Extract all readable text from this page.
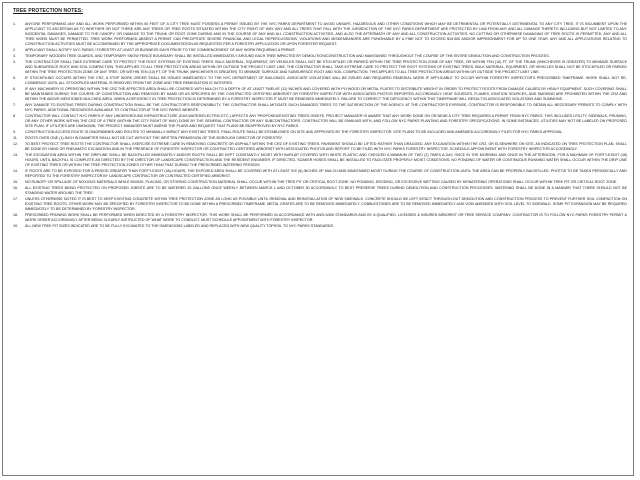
TREE PROTECTION NOTES:
1.	ANYONE PERFORMING ANY AND ALL WORK PERFORMED WITHIN 50 FEET OF A CITY TREE MUST POSSESS A PERMIT ISSUED BY THE NYC PARKS DEPARTMENT TO AVOID UNSAFE, HAZARDOUS AND OTHER CONDITIONS WHICH MAY BE DETRIMENTAL OR POTENTIALLY DETRIMENTAL TO ANY CITY TREE. IT IS INCUMBENT UPON THE APPLICANT TO ASCERTAIN AS TO WHETHER OR NOT THERE ARE ANY TREES OR TREE ROOTS SITUATED WITHIN THE CITY RIGHT OF WAY. ANY AND ALL TREES THAT FALL WITH THE JURISDICTION OF THE NYC PARKS DEPARTMENT ARE PROTECTED BY LAW FROM ANY AND ALL DAMAGE THERETO INCLUDING BUT NOT LIMITED TO ANY INCIDENTAL DAMAGES, DAMAGE TO THE CANOPY, OR DAMAGE TO THE TRUNK OR ROOT ZONE DURING AND IN THE COURSE OF ANY AND ALL CONSTRUCTION ACTIVITIES, AND ALSO THE AFTERMATH OF ANY AND ALL CONSTRUCTION ACTIVITIES. NO CUTTING OR OTHERWISE DAMAGING OF TREE ROOTS IS PERMITTED. ANY AND ALL TREE WORK MUST BE PERMITTED. TREE WORK PERFORMED ABSENT A PERMIT CAN PRECIPITATE SEVERE FINANCIAL AND LEGAL REPERCUSSIONS. VIOLATIONS AND MISDEMEANORS ARE PUNISHABLE BY A FINE NOT TO EXCEED $15,000 AND/OR IMPRISONMENT FOR UP TO ONE YEAR. ANY AND ALL APPLICATIONS RELATING TO CONSTRUCTION ACTIVITIES MUST BE ACCOMPANIED BY THE APPROPRIATE DOCUMENTATION AS REQUESTED PER A FORESTRY APPLICATION OR UPON FORESTER REQUEST.
2.	APPLICANT SHALL NOTIFY NYC PARKS / FORESTRY AT LEAST 20 BUSINESS DAYS PRIOR TO THE COMMENCEMENT OF ANY WORK REQUIRING A PERMIT.
3.	TEMPORARY WOODEN TREE GUARDS, AND TEMPORARY SNOW FENCE BOUNDARY SHALL BE INSTALLED IMMEDIATELY AROUND EACH TREE IMPACTED BY DEMOLITION/CONSTRUCTION AND MAINTAINED THROUGHOUT THE COURSE OF THE ENTIRE DEMOLITION AND CONSTRUCTION PROCESS.
4.	THE CONTRACTOR SHALL TAKE EXTREME CARE TO PROTECT THE ROOT SYSTEMS OF EXISTING TREES. BULK MATERIAL, EQUIPMENT, OR VEHICLES SHALL NOT BE STOCKPILED OR PARKED WITHIN THE TREE PROTECTION ZONE OF ANY TREE, OR WITHIN TEN (10) FT. OF THE TRUNK (WHICHEVER IS GREATER) TO MINIMIZE SURFACE AND SUBSURFACE ROOT AND SOIL COMPACTION. THIS APPLIES TO ALL TREE PROTECTION AREAS WITHIN OR OUTSIDE THE PROJECT LIMIT LINE. THE CONTRACTOR SHALL TAKE EXTREME CARE TO PROTECT THE ROOT SYSTEMS OF EXISTING TREES. BULK MATERIAL, EQUIPMENT, OR VEHICLES SHALL NOT BE STOCKPILED OR PARKED WITHIN THE TREE PROTECTION ZONE OF ANY TREE, OR WITHIN TEN (10) FT. OF THE TRUNK (WHICHEVER IS GREATER) TO MINIMIZE SURFACE AND SUBSURFACE ROOT AND SOIL COMPACTION. THIS APPLIES TO ALL TREE PROTECTION AREAS WITHIN OR OUTSIDE THE PROJECT LIMIT LINE.
5.	IF STOCKPILING OCCURS WITHIN THE CRZ, A STOP WORK ORDER SHALL BE ISSUED IMMEDIATELY TO THE NYC DEPARTMENT OF BUILDINGS. ASSOCIATE VIOLATIONS WILL BE ISSUED AND REQUIRED REMEDIAL WORK IF APPLICABLE TO OCCUR WITHIN FORESTRY INSPECTOR'S PRESCRIBED TIMEFRAME. WORK SHALL NOT RE-COMMENCE UNTIL ALL STOCKPILED MATERIAL IS REMOVED FROM THE ZONE AND TREE REMEDIATION IS SATISFIED.
6.	IF ANY MACHINERY IS OPERATING WITHIN THE CRZ THE AFFECTED AREA SHALL BE COVERED WITH MULCH TO A DEPTH OF AT LEAST TWELVE (12) INCHES AND COVERED WITH PLYWOOD OR METAL PLATES TO DISTRIBUTE WEIGHT IN ORDER TO PROTECT ROOTS FROM DAMAGE CAUSED BY HEAVY EQUIPMENT. SUCH COVERING SHALL BE MAINTAINED DURING THE COURSE OF CONSTRUCTION AND REMOVED BY HAND OR AS SPECIFIED BY THE CONTRACTED CERTIFIED ARBORIST OR FORESTRY INSPECTOR WITH ASSOCIATED PHOTOS REPORTED ACCORDINGLY. HEAT SOURCES, FLAMES, IGNITION SOURCES, AND SMOKING ARE PROHIBITED WITHIN THE CRZ AND WITHIN THE ABOVE MENTIONED MULCHED AREA. WHEN A DEFICIENCY IN TREE PROTECTION IS DETERMINED BY A FORESTRY INSPECTOR IT MUST BE REMEDIED IMMEDIATELY. FAILURE TO CORRECT THE DEFICIENCY WITHIN THIS TIMEFRAME WILL RESULT IN ASSOCIATED VIOLATIONS AND SUMMONS.
7.	ANY DAMAGE TO EXISTING TREES DURING CONSTRUCTION SHALL BE THE CONTRACTOR'S RESPONSIBILITY. THE CONTRACTOR SHALL MITIGATE SUCH DAMAGED TREES TO THE SATISFACTION OF THE AGENCY. AT THE CONTRACTOR'S EXPENSE, CONTRACTOR IS RESPONSIBLE TO OBTAIN ALL NECESSARY PERMITS TO COMPLY WITH NYC PARKS. ADDITIONAL RESOURCES AVAILABLE TO CONTRACTOR AT THE NYC PARKS WEBSITE.
8.	CONTRACTOR WILL CONTACT NYC PARKS IF ANY UNDERGROUND INFRASTRUCTURE (GAS,WATER/ELECTRIC,ETC.) AFFECTS ANY PROPOSED/EXISTING TREES ONSITE. PROJECT MANAGER IS AWARE THAT ANY WORK DONE ON OR NEAR A CITY TREE REQUIRES A PERMIT FROM NYC PARKS. THIS INCLUDES UTILITY, SIDEWALK, PRUNING, OR ANY OTHER WORK WITHIN THE CRZ OF A TREE (WITHIN THE CITY RIGHT OF WAY) DONE BY THE GENERAL CONTRACTOR OR ANY SUBCONTRACTORS. CONTRACTOR WILL BE FAMILIAR WITH, AND FOLLOW NYC PARKS PLANTING AND FORESTRY SPECIFICATIONS. IN SOME INSTANCES, UTILITIES MAY NOT BE LABELED ON PROPOSED SITE PLAN. IF UTILITIES ARE UNKNOWN, THE PROJECT MANAGER MUST AMEND THE PLANS AND REQUEST THAT PLANS BE REAPPROVED BY NYC PARKS.
9.	CONSTRUCTION ACCESS ROUTE IS DIAGRAMMED AND ROUTED TO MINIMALLY IMPACT ANY EXISTING TREES. FINAL ROUTE SHALL BE ESTABLISHED ON SITE AND APPROVED BY THE FORESTRY INSPECTOR. SITE PLANS TO BE INCLUDED AND AMENDED ACCORDINGLY FILES FOR NYC PARKS APPROVAL.
11.	ROOTS OVER ONE (1)-INCH IN DIAMETER SHALL NOT BE CUT WITHOUT THE WRITTEN PERMISSION OF THE BOROUGH DIRECTOR OF FORESTRY.
12.	TO BEST PROTECT TREE ROOTS THE CONTRACTOR SHALL EXERCISE EXTREME CARE IN REMOVING CONCRETE OR ASPHALT WITHIN THE CRZ OF EXISTING TREES. PAVEMENT SHOULD BE LIFTED RATHER THAN DRAGGED. ANY EXCAVATION WITHIN THE CRZ, OR ELSEWHERE ON SITE, AS INDICATED ON TREE PROTECTION PLAN, SHALL BE DONE BY HAND OR PNEUMATIC EXCAVATION AND IN THE PRESENCE OF FORESTRY INSPECTOR OR CONTRACTED CERTIFIED ARBORIST WITH ASSOCIATED PHOTOS AND REPORT TO BE FILED WITH NYC PARKS FORESTRY INSPECTOR. SCHEDULE APPOINTMENT WITH FORESTRY INSPECTOR ACCORDINGLY.
13.	THE EXCAVATION AREA WITHIN THE DRIPLINE SHALL BE BACKFILLED IMMEDIATELY AND/OR ROOTS SHALL BE KEPT CONSTANTLY MOIST WITH BURLAP COVERED WITH WHITE PLASTIC AND CHECKED A MINIMUM OF TWO (2) TIMES A DAY, ONCE IN THE MORNING AND ONCE IN THE AFTERNOON, FOR A MAXIMUM OF FORTY-EIGHT (48) HOURS, UNTIL BACKFILL IS COMPLETE AS DIRECTED BY THE DIRECTOR OF LANDSCAPE CONSTRUCTION AND THE RESIDENT ENGINEER. IF DIRECTED, SOAKER HOSES SHALL BE INSTALLED TO FACILITATE PROPERLY MOIST CONDITIONS. NO PONDING OF WATER OR CONTINUOUS RUNNING WATER SHALL OCCUR WITHIN THE DRIP LINE OF EXISTING TREES OR WITHIN THE TREE PROTECTION ZONES OTHER THAN THAT DURING THE PRESCRIBED WATERING PERIODS.
14.	IF ROOTS ARE TO BE EXPOSED FOR A PERIOD GREATER THAN FORTY-EIGHT (48)-HOURS, THE EXPOSED AREA SHALL BE COVERED WITH AT LEAST SIX (6)-INCHES OF MULCH AND MAINTAINED MOIST DURING THE COURSE OF CONSTRUCTION UNTIL THE AREA CAN BE PROPERLY BACKFILLED. PHOTOS TO BE TAKEN PERIODICALLY AND REPORTED TO THE FORESTRY INSPECTOR BY LANDSCAPE CONTRACTOR OR CONTRACTED CERTIFIED ARBORIST.
15.	NO RUNOFF OR SPILLAGE OF NOXIOUS MATERIALS WHILE MIXING, PLACING, OR STORING CONSTRUCTION MATERIAL SHALL OCCUR WITHIN THE TREE PIT OR CRITICAL ROOT ZONE. NO PONDING, ERODING, OR EXCESSIVE WETTING CAUSED BY DEWATERING OPERATIONS SHALL OCCUR WITHIN TREE PIT OR CRITICAL ROOT ZONE.
16.	ALL EXISTING TREES BEING PROTECTED ON PROPOSED JOBSITE ARE TO BE WATERED 20 GALLONS ONCE WEEKLY BETWEEN MARCH 1 AND OCTOBER 30 ACCORDINGLY TO BEST PRESERVE TREES DURING DEMOLITION AND CONSTRUCTION PROCESSES. WATERING SHALL BE DONE IN A MANNER THAT THERE SHOULD NOT BE STANDING WATER AROUND THE TREE.
17.	UNLESS OTHERWISE NOTED IT IS BEST TO KEEP EXISTING CONCRETE WITHIN TREE PROTECTION ZONE AS LONG AS POSSIBLE UNTIL REMOVAL AND REINSTALLATION OF NEW SIDEWALK. CONCRETE SHOULD BE LEFT INTACT THROUGH-OUT DEMOLITION AND CONSTRUCTION PROCESS TO PREVENT FURTHER SOIL COMPACTION ON EXISTING TREE ROOTS. OTHER WORK MAY BE SPECIFIED BY FORESTRY INSPECTOR TO BE DONE WITHIN A PRESCRIBED TIMEFRAME. METAL GRATES ARE TO BE REMOVED IMMEDIATELY. COBBLESTONES ARE TO BE REMOVED IMMEDIATELY AND VOID AMENDED WITH SOIL LEVEL TO SIDEWALK. SOME PIT EXPANSION MAY BE REQUIRED IMMEDIATELY TO BE DETERMINED BY FORESTRY INSPECTOR.
18.	PRESCRIBED PRUNING WORK SHALL BE PERFORMED WHEN DIRECTED BY A FORESTRY INSPECTOR. THIS WORK SHALL BE PERFORMED IN ACCORDANCE WITH ANSI A300 STANDARDS AND BY A QUALIFIED, LICENSED & INSURED ARBORIST OR TREE SERVICE COMPANY. CONTRACTOR IS TO FOLLOW NYC PARKS FORESTRY PERMIT & WORK ORDER ACCORDINGLY AFTER BEING CLEARLY INSTRUCTED OF WHAT WORK TO CONDUCT. MUST SCHEDULE APPOINTMENT WITH FORESTRY INSPECTOR.
19.	ALL NEW TREE PIT SIZES INDICATED ARE TO BE FULLY EXCAVATED TO THE DIMENSIONS LABELED AND REPLACED WITH NEW QUALITY TOPSOIL TO NYC PARKS STANDARDS.
